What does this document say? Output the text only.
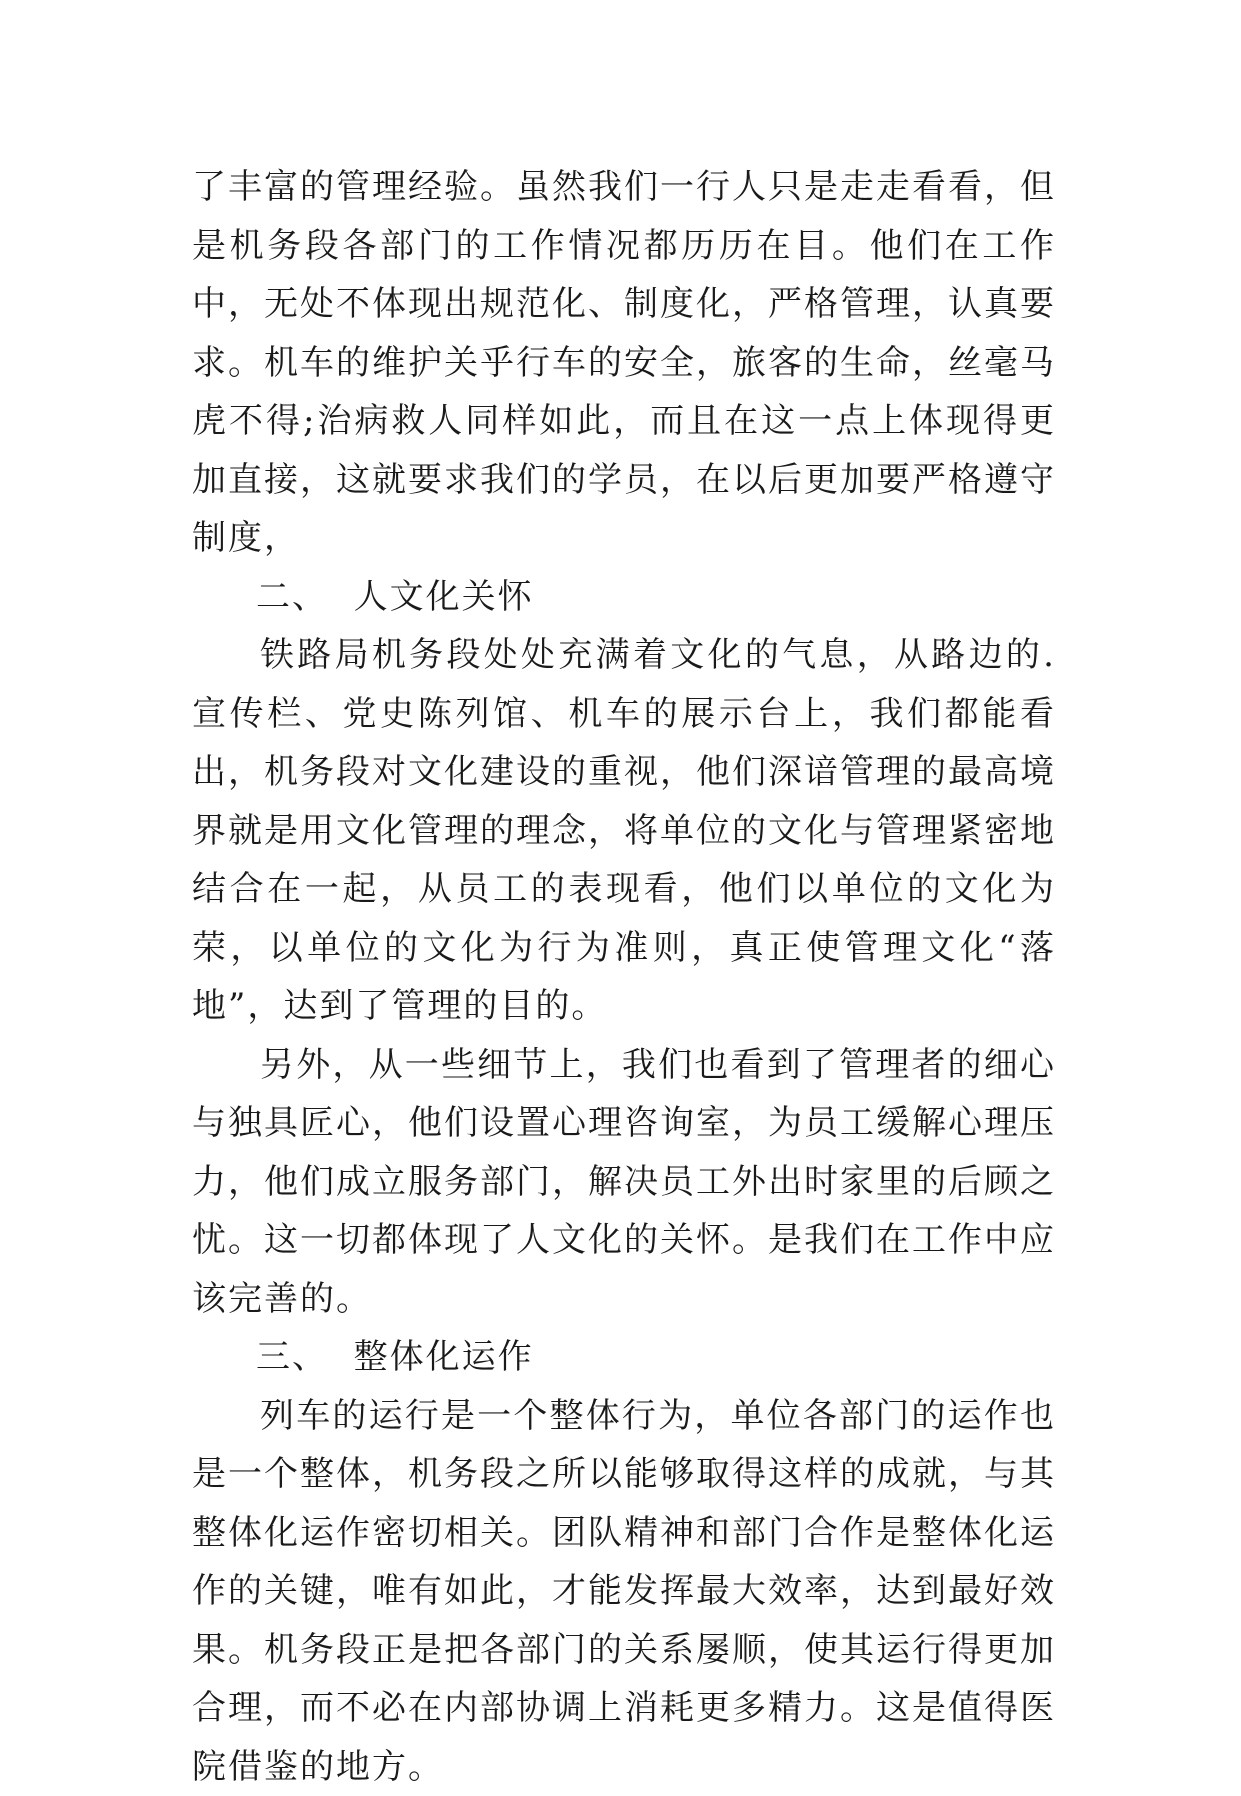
了丰富的管理经验。虽然我们一行人只是走走看看，但是机务段各部门的工作情况都历历在目。他们在工作中，无处不体现出规范化、制度化，严格管理，认真要求。机车的维护关乎行车的安全，旅客的生命，丝毫马虎不得;治病救人同样如此，而且在这一点上体现得更加直接，这就要求我们的学员，在以后更加要严格遵守制度，

二、  人文化关怀

铁路局机务段处处充满着文化的气息，从路边的.宣传栏、党史陈列馆、机车的展示台上，我们都能看出，机务段对文化建设的重视，他们深谙管理的最高境界就是用文化管理的理念，将单位的文化与管理紧密地结合在一起，从员工的表现看，他们以单位的文化为荣，以单位的文化为行为准则，真正使管理文化“落地”，达到了管理的目的。

另外，从一些细节上，我们也看到了管理者的细心与独具匠心，他们设置心理咨询室，为员工缓解心理压力，他们成立服务部门，解决员工外出时家里的后顾之忧。这一切都体现了人文化的关怀。是我们在工作中应该完善的。

三、  整体化运作

列车的运行是一个整体行为，单位各部门的运作也是一个整体，机务段之所以能够取得这样的成就，与其整体化运作密切相关。团队精神和部门合作是整体化运作的关键，唯有如此，才能发挥最大效率，达到最好效果。机务段正是把各部门的关系屡顺，使其运行得更加合理，而不必在内部协调上消耗更多精力。这是值得医院借鉴的地方。
